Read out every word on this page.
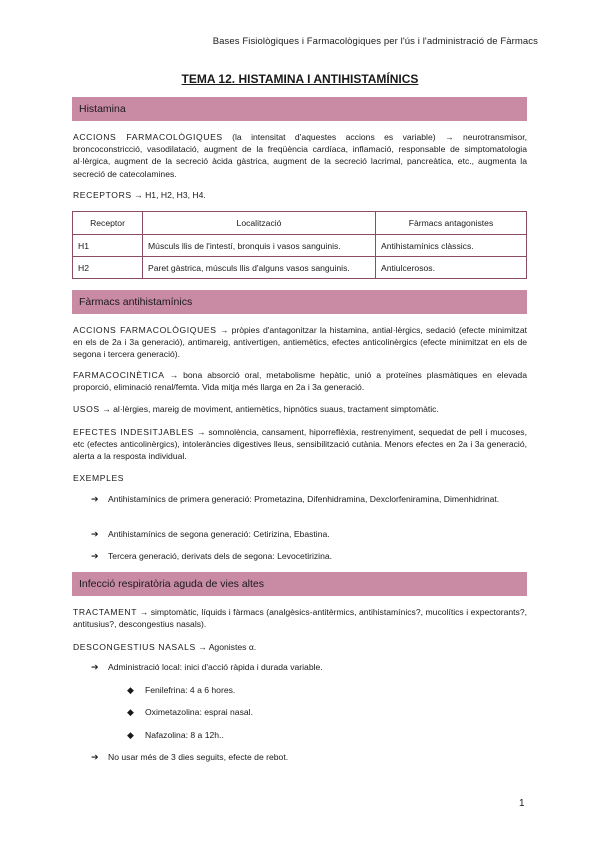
Bases Fisiològiques i Farmacològiques per l'ús i l'administració de Fàrmacs
TEMA 12. HISTAMINA I ANTIHISTAMÍNICS
Histamina
ACCIONS FARMACOLÒGIQUES (la intensitat d'aquestes accions es variable) → neurotransmisor, broncoconstricció, vasodilatació, augment de la freqüència cardíaca, inflamació, responsable de simptomatologia al·lèrgica, augment de la secreció àcida gàstrica, augment de la secreció lacrimal, pancreàtica, etc., augmenta la secreció de catecolamines.
RECEPTORS → H1, H2, H3, H4.
Receptor	Localització	Fàrmacs antagonistes
H1	Músculs llis de l'intestí, bronquis i vasos sanguinis.	Antihistamínics clàssics.
H2	Paret gàstrica, músculs llis d'alguns vasos sanguinis.	Antiulcerosos.
Fàrmacs antihistamínics
ACCIONS FARMACOLÒGIQUES → pròpies d'antagonitzar la histamina, antial·lèrgics, sedació (efecte minimitzat en els de 2a i 3a generació), antimareig, antivertigen, antiemètics, efectes anticolinèrgics (efecte minimitzat en els de segona i tercera generació).
FARMACOCINÈTICA → bona absorció oral, metabolisme hepàtic, unió a proteïnes plasmàtiques en elevada proporció, eliminació renal/femta. Vida mitja més llarga en 2a i 3a generació.
USOS → al·lèrgies, mareig de moviment, antiemètics, hipnòtics suaus, tractament simptomàtic.
EFECTES INDESITJABLES → somnolència, cansament, hiporreflèxia, restrenyiment, sequedat de pell i mucoses, etc (efectes anticolinèrgics), intoleràncies digestives lleus, sensibilització cutània. Menors efectes en 2a i 3a generació, alerta a la resposta individual.
EXEMPLES
➔ Antihistamínics de primera generació: Prometazina, Difenhidramina, Dexclorfeniramina, Dimenhidrinat.
➔ Antihistamínics de segona generació: Cetirizina, Ebastina.
➔ Tercera generació, derivats dels de segona: Levocetirizina.
Infecció respiratòria aguda de vies altes
TRACTAMENT → simptomàtic, líquids i fàrmacs (analgèsics-antitèrmics, antihistamínics?, mucolítics i expectorants?, antitusius?, descongestius nasals).
DESCONGESTIUS NASALS → Agonistes α.
➔ Administració local: inici d'acció ràpida i durada variable.
◆ Fenilefrina: 4 a 6 hores.
◆ Oximetazolina: esprai nasal.
◆ Nafazolina: 8 a 12h..
➔ No usar més de 3 dies seguits, efecte de rebot.
1
